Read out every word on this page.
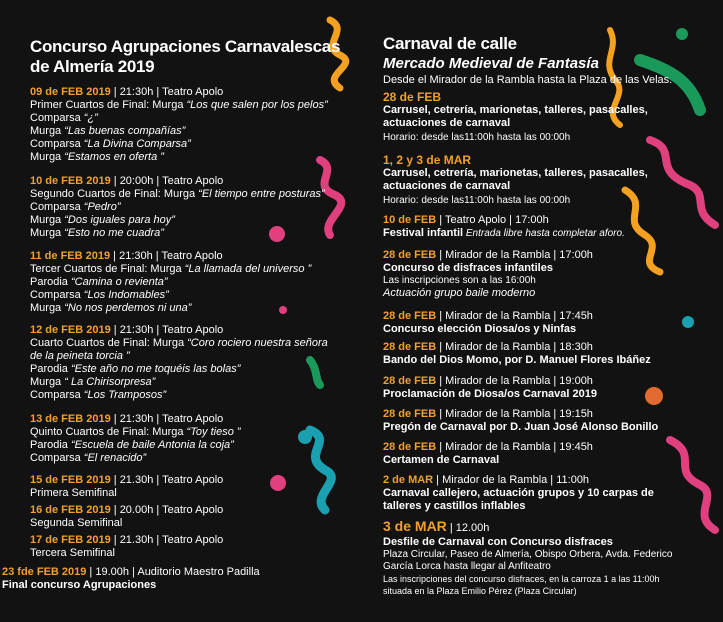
Concurso Agrupaciones Carnavalescas
de Almería 2019
09 de FEB 2019 | 21:30h | Teatro Apolo
Primer Cuartos de Final: Murga “Los que salen por los pelos”
Comparsa “¿”
Murga “Las buenas compañías”
Comparsa “La Divina Comparsa”
Murga “Estamos en oferta ”
10 de FEB 2019 | 20:00h | Teatro Apolo
Segundo Cuartos de Final: Murga “El tiempo entre posturas”
Comparsa “Pedro”
Murga “Dos iguales para hoy”
Murga “Esto no me cuadra”
11 de FEB 2019 | 21:30h | Teatro Apolo
Tercer Cuartos de Final: Murga “La llamada del universo ”
Parodia “Camina o revienta”
Comparsa “Los Indomables”
Murga “No nos perdemos ni una”
12 de FEB 2019 | 21:30h | Teatro Apolo
Cuarto Cuartos de Final: Murga “Coro rociero nuestra señora
de la peineta torcia ”
Parodia “Este año no me toquéis las bolas”
Murga “ La Chirisorpresa”
Comparsa “Los Tramposos”
13 de FEB 2019 | 21:30h | Teatro Apolo
Quinto Cuartos de Final: Murga “Toy tieso ”
Parodia “Escuela de baile Antonia la coja”
Comparsa “El renacido”
15 de FEB 2019 | 21.30h | Teatro Apolo
Primera Semifinal
16 de FEB 2019 | 20.00h | Teatro Apolo
Segunda Semifinal
17 de FEB 2019 | 21.30h | Teatro Apolo
Tercera Semifinal
23 fde FEB 2019 | 19.00h | Auditorio Maestro Padilla
Final concurso Agrupaciones
Carnaval de calle
Mercado Medieval de Fantasía
Desde el Mirador de la Rambla hasta la Plaza de las Velas.
28 de FEB
Carrusel, cetrería, marionetas, talleres, pasacalles,
actuaciones de carnaval
Horario: desde las11:00h hasta las 00:00h
1, 2 y 3 de MAR
Carrusel, cetrería, marionetas, talleres, pasacalles,
actuaciones de carnaval
Horario: desde las11:00h hasta las 00:00h
10 de FEB | Teatro Apolo | 17:00h
Festival infantil Entrada libre hasta completar aforo.
28 de FEB | Mirador de la Rambla | 17:00h
Concurso de disfraces infantiles
Las inscripciones son a las 16:00h
Actuación grupo baile moderno
28 de FEB | Mirador de la Rambla | 17:45h
Concurso elección Diosa/os y Ninfas
28 de FEB | Mirador de la Rambla | 18:30h
Bando del Dios Momo, por D. Manuel Flores Ibáñez
28 de FEB | Mirador de la Rambla | 19:00h
Proclamación de Diosa/os Carnaval 2019
28 de FEB | Mirador de la Rambla | 19:15h
Pregón de Carnaval por D. Juan José Alonso Bonillo
28 de FEB | Mirador de la Rambla | 19:45h
Certamen de Carnaval
2 de MAR | Mirador de la Rambla | 11:00h
Carnaval callejero, actuación grupos y 10 carpas de
talleres y castillos inflables
3 de MAR | 12.00h
Desfile de Carnaval con Concurso disfraces
Plaza Circular, Paseo de Almería, Obispo Orbera, Avda. Federico
García Lorca hasta llegar al Anfiteatro
Las inscripciones del concurso disfraces, en la carroza 1 a las 11:00h
situada en la Plaza Emilio Pérez (Plaza Circular)
